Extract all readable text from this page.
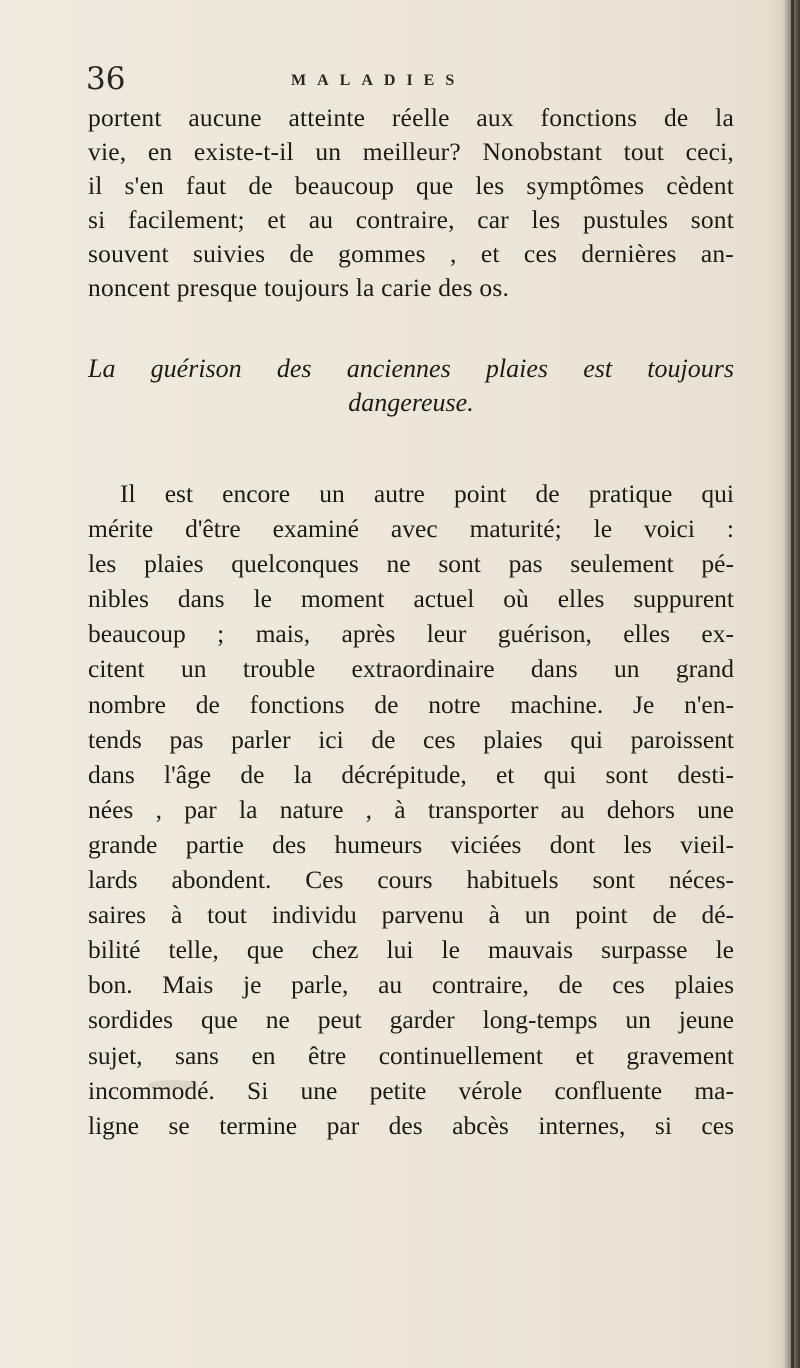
36	MALADIES
portent aucune atteinte réelle aux fonctions de la
vie, en existe-t-il un meilleur? Nonobstant tout ceci,
il s'en faut de beaucoup que les symptômes cèdent
si facilement; et au contraire, car les pustules sont
souvent suivies de gommes , et ces dernières an-
noncent presque toujours la carie des os.
La guérison des anciennes plaies est toujours
dangereuse.
Il est encore un autre point de pratique qui
mérite d'être examiné avec maturité; le voici :
les plaies quelconques ne sont pas seulement pé-
nibles dans le moment actuel où elles suppurent
beaucoup ; mais, après leur guérison, elles ex-
citent un trouble extraordinaire dans un grand
nombre de fonctions de notre machine. Je n'en-
tends pas parler ici de ces plaies qui paroissent
dans l'âge de la décrépitude, et qui sont desti-
nées , par la nature , à transporter au dehors une
grande partie des humeurs viciées dont les vieil-
lards abondent. Ces cours habituels sont néces-
saires à tout individu parvenu à un point de dé-
bilité telle, que chez lui le mauvais surpasse le
bon. Mais je parle, au contraire, de ces plaies
sordides que ne peut garder long-temps un jeune
sujet, sans en être continuellement et gravement
incommodé. Si une petite vérole confluente ma-
ligne se termine par des abcès internes, si ces
